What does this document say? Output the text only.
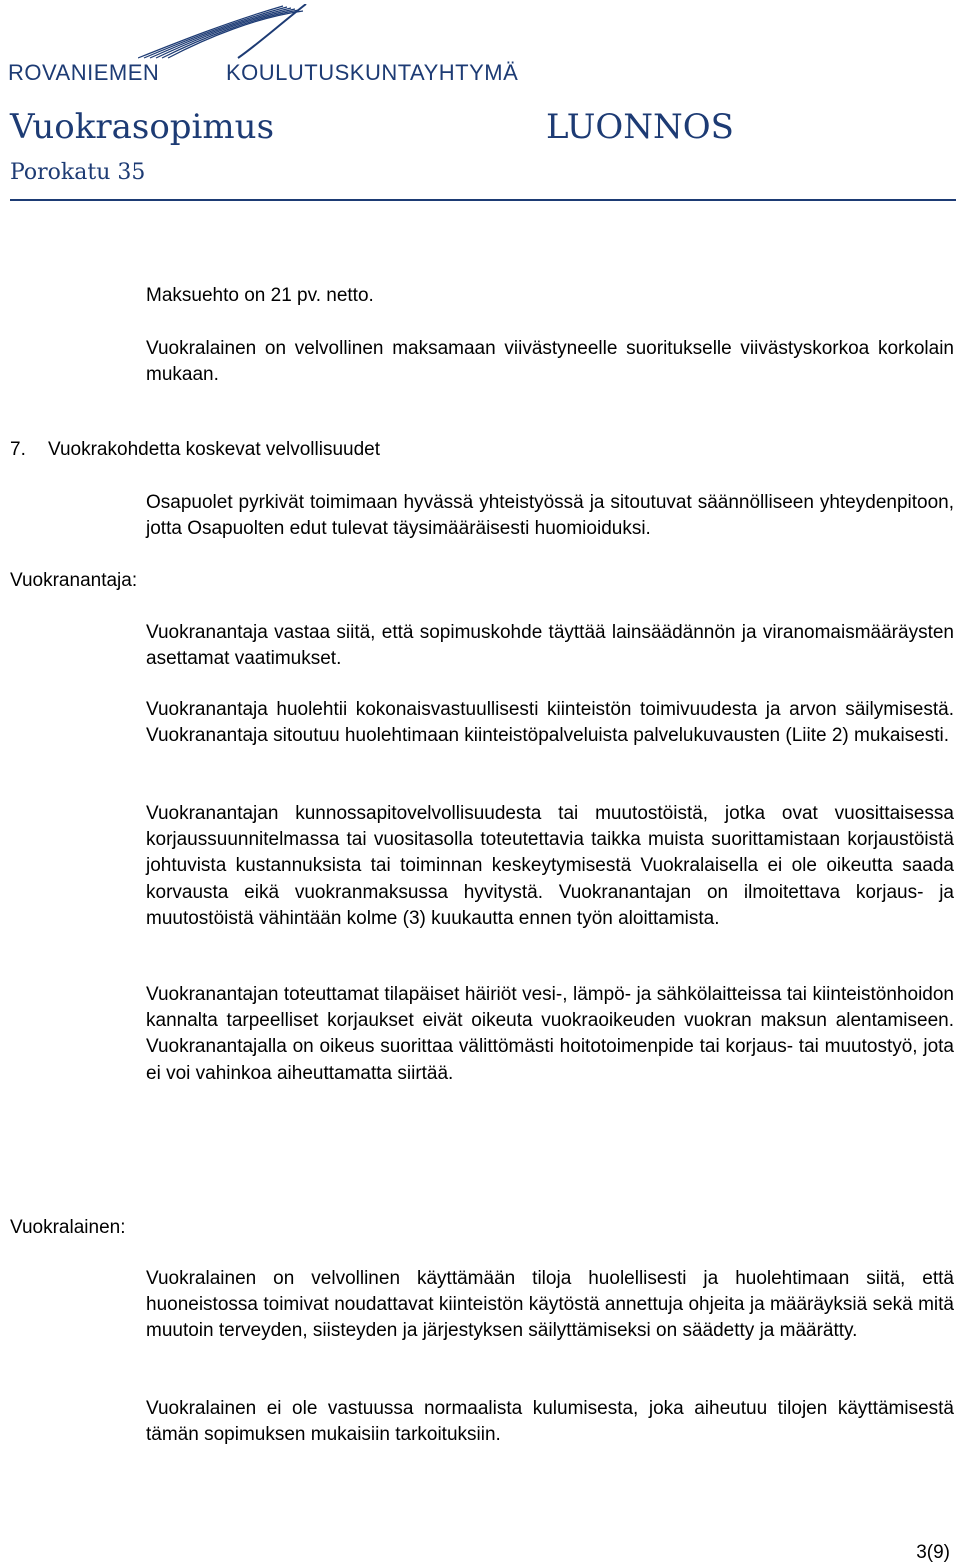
ROVANIEMEN	KOULUTUSKUNTAYHTYMÄ
Vuokrasopimus
Porokatu 35
LUONNOS
Maksuehto on 21 pv. netto.
Vuokralainen on velvollinen maksamaan viivästyneelle suoritukselle viivästyskorkoa korkolain mukaan.
7. Vuokrakohdetta koskevat velvollisuudet
Osapuolet pyrkivät toimimaan hyvässä yhteistyössä ja sitoutuvat säännölliseen yhteydenpitoon, jotta Osapuolten edut tulevat täysimääräisesti huomioiduksi.
Vuokranantaja:
Vuokranantaja vastaa siitä, että sopimuskohde täyttää lainsäädännön ja viranomaismääräysten asettamat vaatimukset.
Vuokranantaja huolehtii kokonaisvastuullisesti kiinteistön toimivuudesta ja arvon säilymisestä. Vuokranantaja sitoutuu huolehtimaan kiinteistöpalveluista palvelukuvausten (Liite 2) mukaisesti.
Vuokranantajan kunnossapitovelvollisuudesta tai muutostöistä, jotka ovat vuosittaisessa korjaussuunnitelmassa tai vuositasolla toteutettavia taikka muista suorittamistaan korjaustöistä johtuvista kustannuksista tai toiminnan keskeytymisestä Vuokralaisella ei ole oikeutta saada korvausta eikä vuokranmaksussa hyvitystä. Vuokranantajan on ilmoitettava korjaus- ja muutostöistä vähintään kolme (3) kuukautta ennen työn aloittamista.
Vuokranantajan toteuttamat tilapäiset häiriöt vesi-, lämpö- ja sähkölaitteissa tai kiinteistönhoidon kannalta tarpeelliset korjaukset eivät oikeuta vuokraoikeuden vuokran maksun alentamiseen. Vuokranantajalla on oikeus suorittaa välittömästi hoitotoimenpide tai korjaus- tai muutostyö, jota ei voi vahinkoa aiheuttamatta siirtää.
Vuokralainen:
Vuokralainen on velvollinen käyttämään tiloja huolellisesti ja huolehtimaan siitä, että huoneistossa toimivat noudattavat kiinteistön käytöstä annettuja ohjeita ja määräyksiä sekä mitä muutoin terveyden, siisteyden ja järjestyksen säilyttämiseksi on säädetty ja määrätty.
Vuokralainen ei ole vastuussa normaalista kulumisesta, joka aiheutuu tilojen käyttämisestä tämän sopimuksen mukaisiin tarkoituksiin.
3(9)
